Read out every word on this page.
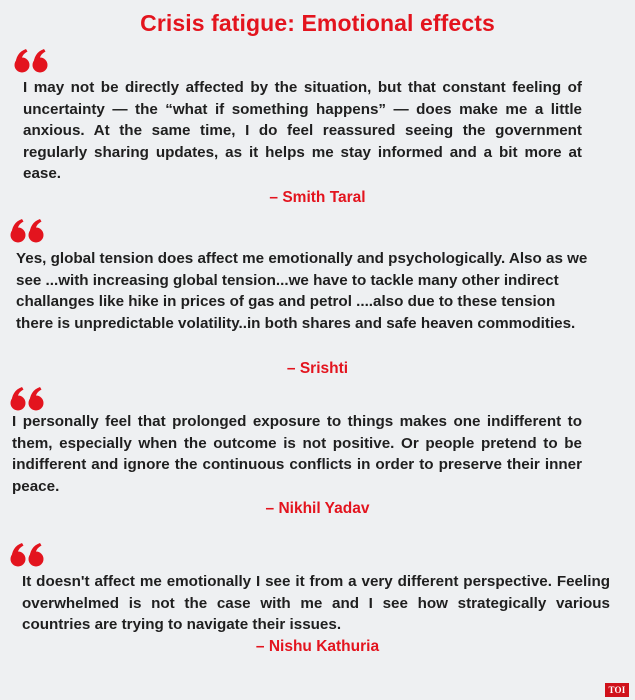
Crisis fatigue: Emotional effects
I may not be directly affected by the situation, but that constant feeling of uncertainty — the “what if something happens” — does make me a little anxious. At the same time, I do feel reassured seeing the government regularly sharing updates, as it helps me stay informed and a bit more at ease.
– Smith Taral
Yes, global tension does affect me emotionally and psychologically. Also as we see ...with increasing global tension...we have to tackle many other indirect challanges like hike in prices of gas and petrol ....also due to these tension there is unpredictable volatility..in both shares and safe heaven commodities.
– Srishti
I personally feel that prolonged exposure to things makes one indifferent to them, especially when the outcome is not positive. Or people pretend to be indifferent and ignore the continuous conflicts in order to preserve their inner peace.
– Nikhil Yadav
It doesn't affect me emotionally I see it from a very different perspective. Feeling overwhelmed is not the case with me and I see how strategically various countries are trying to navigate their issues.
– Nishu Kathuria
TOI
